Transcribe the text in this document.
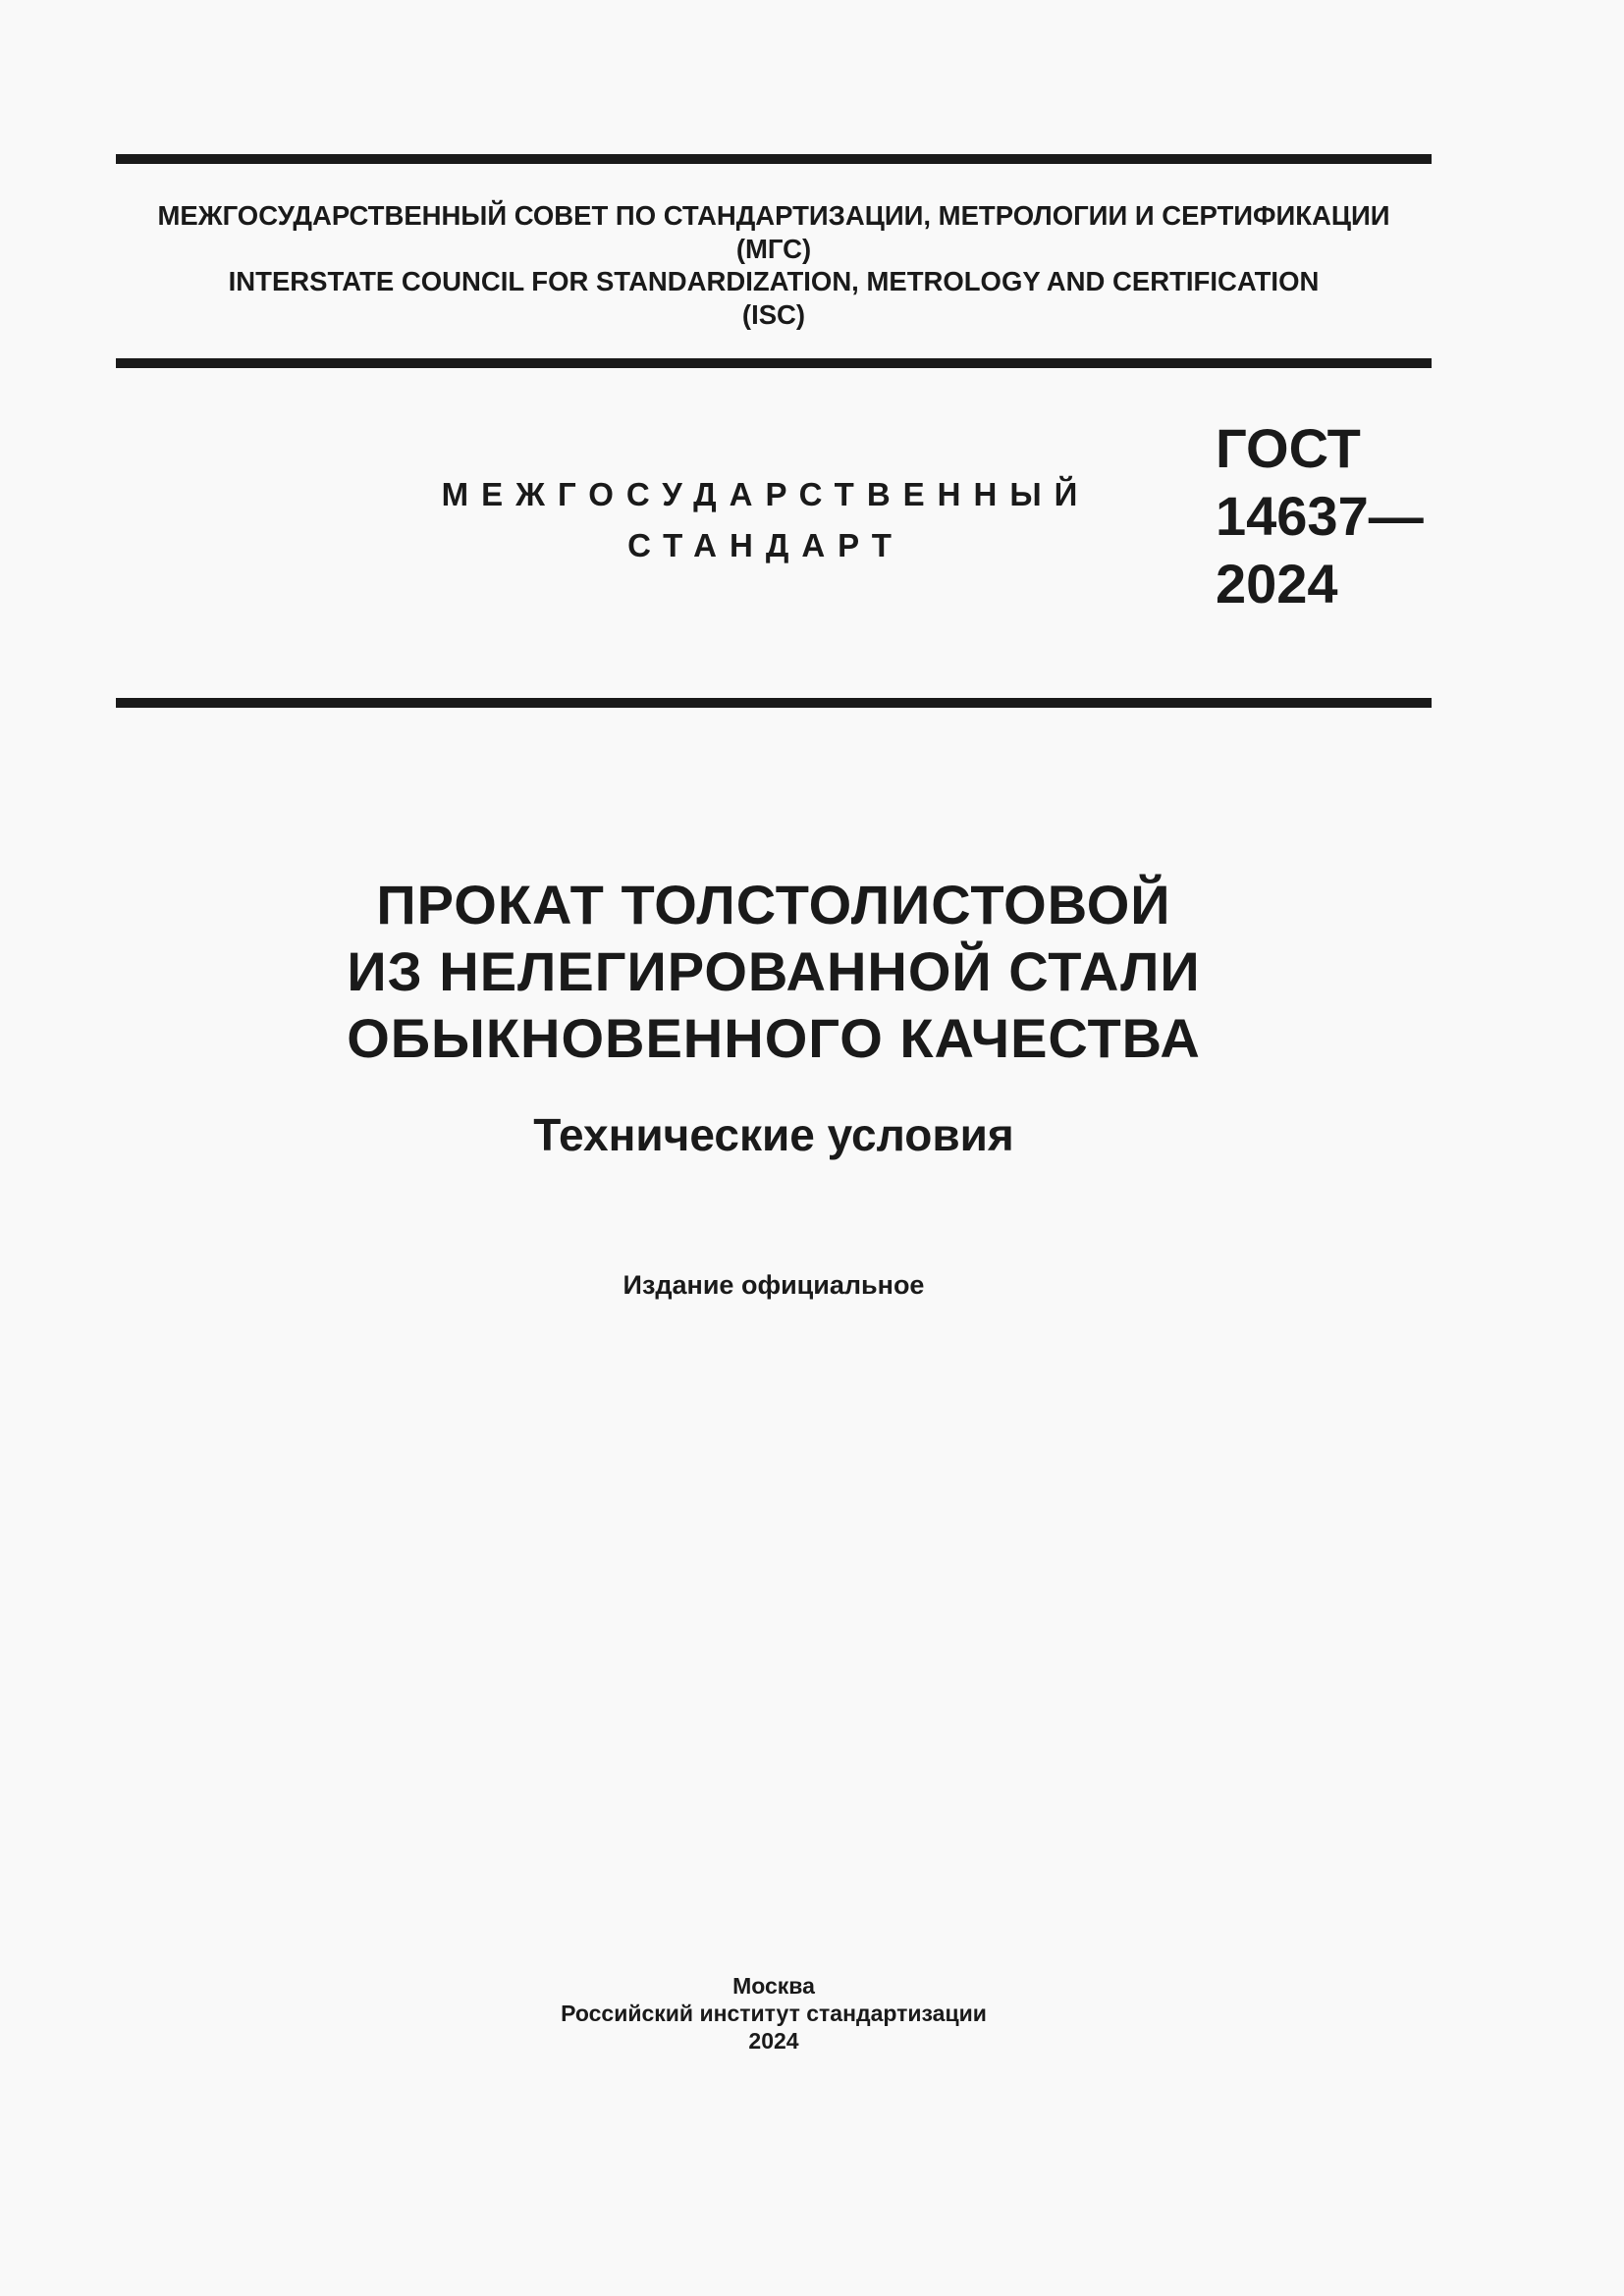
МЕЖГОСУДАРСТВЕННЫЙ СОВЕТ ПО СТАНДАРТИЗАЦИИ, МЕТРОЛОГИИ И СЕРТИФИКАЦИИ
(МГС)
INTERSTATE COUNCIL FOR STANDARDIZATION, METROLOGY AND CERTIFICATION
(ISC)
МЕЖГОСУДАРСТВЕННЫЙ
СТАНДАРТ
ГОСТ
14637—
2024
ПРОКАТ ТОЛСТОЛИСТОВОЙ
ИЗ НЕЛЕГИРОВАННОЙ СТАЛИ
ОБЫКНОВЕННОГО КАЧЕСТВА
Технические условия
Издание официальное
Москва
Российский институт стандартизации
2024
